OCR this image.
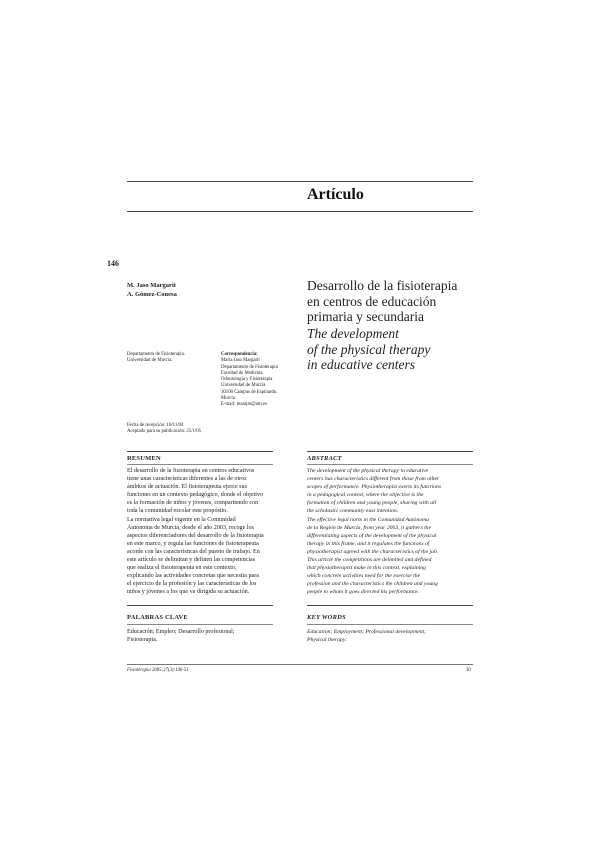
Artículo
146
M. Jaso Margarit
A. Gómez-Conesa
Desarrollo de la fisioterapia
en centros de educación
primaria y secundaria
The development
of the physical therapy
in educative centers
Departamento de Fisioterapia.
Universidad de Murcia.
Correspondencia:
Marta Jaso Margarit
Departamento de Fisioterapia
Facultad de Medicina
Odontología y Fisioterapia
Universidad de Murcia
30100 Campus de Espinardo.
Murcia
E-mail: mamjm@um.es
Fecha de recepción: 10/11/04
Aceptado para su publicación: 25/1/05
RESUMEN	ABSTRACT
El desarrollo de la fisioterapia en centros educativos
tiene unas características diferentes a las de otros
ámbitos de actuación. El fisioterapeuta ejerce sus
funciones en un contexto pedagógico, donde el objetivo
es la formación de niños y jóvenes, compartiendo con
toda la comunidad escolar este propósito.
La normativa legal vigente en la Comunidad
Autónoma de Murcia, desde el año 2003, recoge los
aspectos diferenciadores del desarrollo de la fisioterapia
en este marco, y regula las funciones de fisioterapeuta
acorde con las características del puesto de trabajo. En
este artículo se delimitan y definen las competencias
que realiza el fisioterapeuta en este contexto,
explicando las actividades concretas que necesita para
el ejercicio de la profesión y las características de los
niños y jóvenes a los que va dirigida su actuación.
The development of the physical therapy in educative
centers has characteristics different from those from other
scopes of performance. Physiotherapist exerts its functions
in a pedagogical context, where the objective is the
formation of children and young people, sharing with all
the scholastic community east intention.
The effective legal norm in the Comunidad Autónoma
de la Región de Murcia, from year 2003, it gathers the
differentiating aspects of the development of the physical
therapy in this frame, and it regulates the functions of
physiotherapist agreed with the characteristics of the job.
This article the competitions are delimited and defined
that physiotherapist make in this context, explaining
which concrete activities need for the exercise the
profession and the characteristics the children and young
people to whom it goes directed his performance.
PALABRAS CLAVE
Educación; Empleo; Desarrollo profesional;
Fisioterapia.
KEY WORDS
Education; Employment; Professional development;
Physical therapy.
Fisioterapia 2005;27(3):146-51	30
